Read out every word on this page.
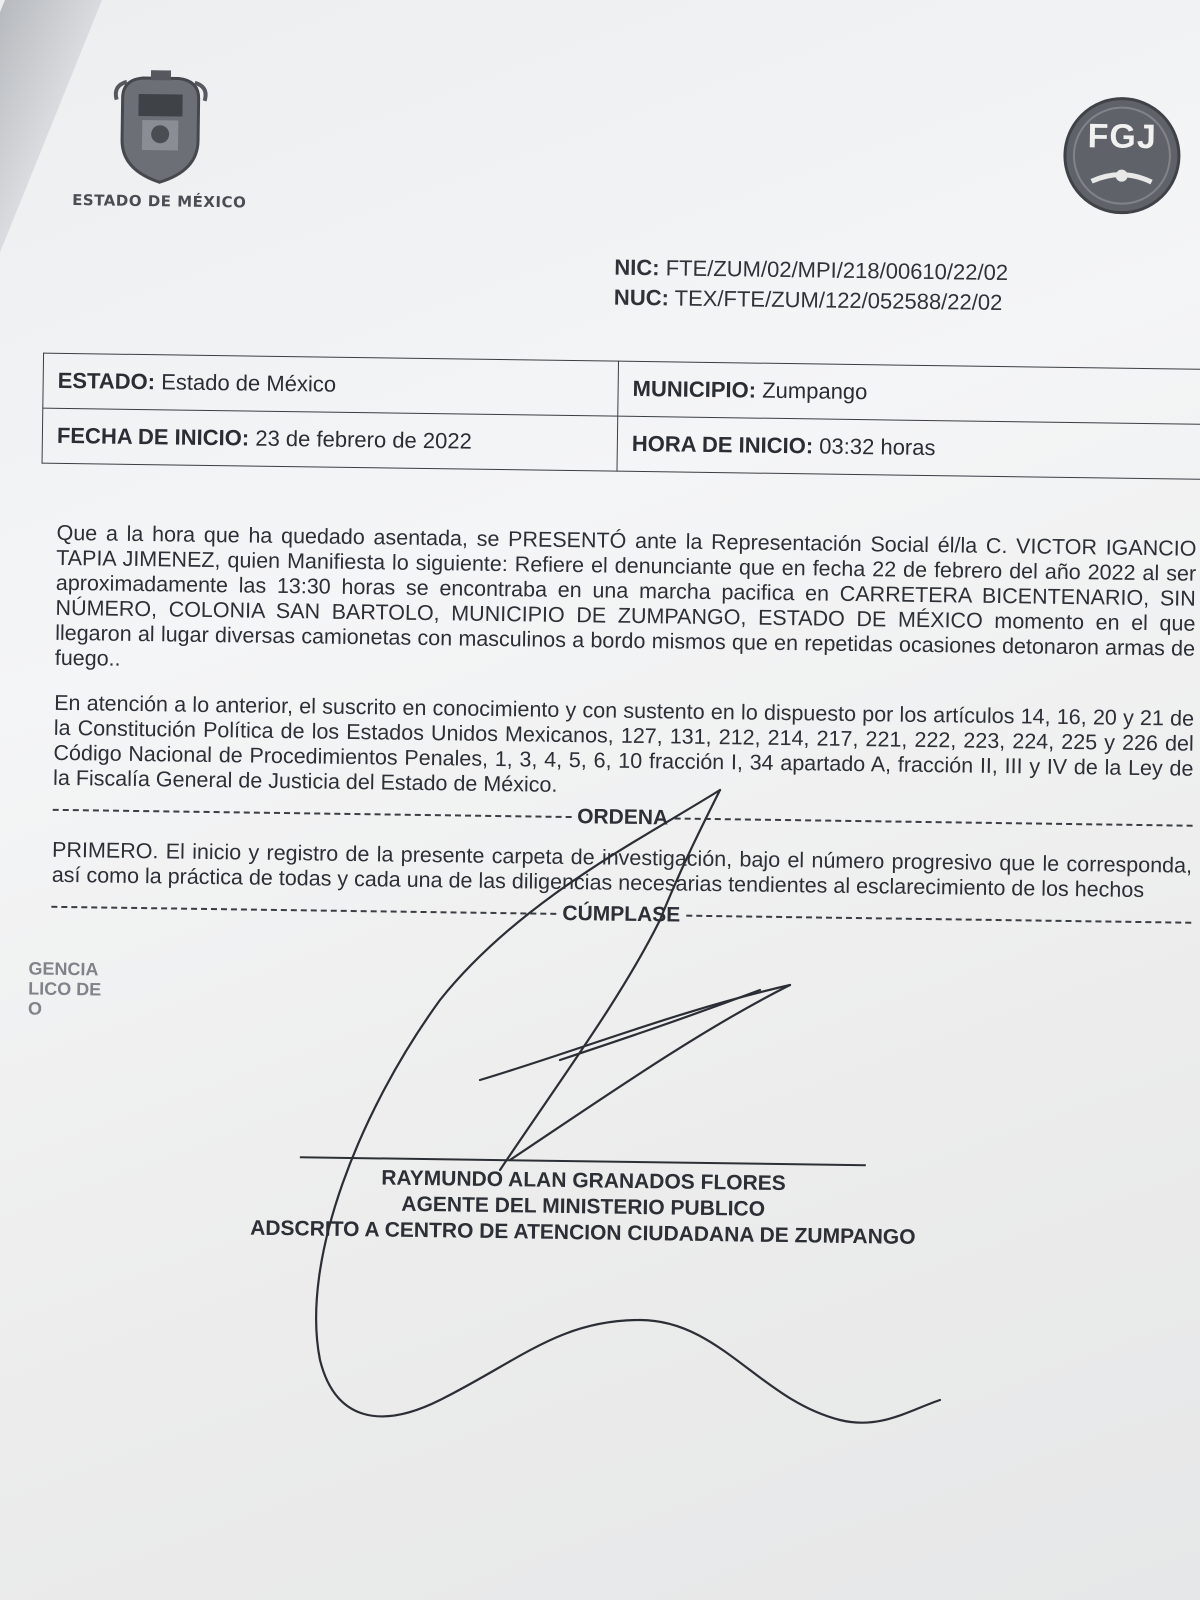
ESTADO DE MÉXICO
FGJ
NIC: FTE/ZUM/02/MPI/218/00610/22/02
NUC: TEX/FTE/ZUM/122/052588/22/02
ESTADO: Estado de México	MUNICIPIO: Zumpango
FECHA DE INICIO: 23 de febrero de 2022	HORA DE INICIO: 03:32 horas

Que a la hora que ha quedado asentada, se PRESENTÓ ante la Representación Social él/la C. VICTOR IGANCIO TAPIA JIMENEZ, quien Manifiesta lo siguiente: Refiere el denunciante que en fecha 22 de febrero del año 2022 al ser aproximadamente las 13:30 horas se encontraba en una marcha pacifica en CARRETERA BICENTENARIO, SIN NÚMERO, COLONIA SAN BARTOLO, MUNICIPIO DE ZUMPANGO, ESTADO DE MÉXICO momento en el que llegaron al lugar diversas camionetas con masculinos a bordo mismos que en repetidas ocasiones detonaron armas de fuego..

En atención a lo anterior, el suscrito en conocimiento y con sustento en lo dispuesto por los artículos 14, 16, 20 y 21 de la Constitución Política de los Estados Unidos Mexicanos, 127, 131, 212, 214, 217, 221, 222, 223, 224, 225 y 226 del Código Nacional de Procedimientos Penales, 1, 3, 4, 5, 6, 10 fracción I, 34 apartado A, fracción II, III y IV de la Ley de la Fiscalía General de Justicia del Estado de México.

ORDENA

PRIMERO. El inicio y registro de la presente carpeta de investigación, bajo el número progresivo que le corresponda, así como la práctica de todas y cada una de las diligencias necesarias tendientes al esclarecimiento de los hechos

CÚMPLASE
GENCIA
LICO DE
O
RAYMUNDO ALAN GRANADOS FLORES
AGENTE DEL MINISTERIO PUBLICO
ADSCRITO A CENTRO DE ATENCION CIUDADANA DE ZUMPANGO
